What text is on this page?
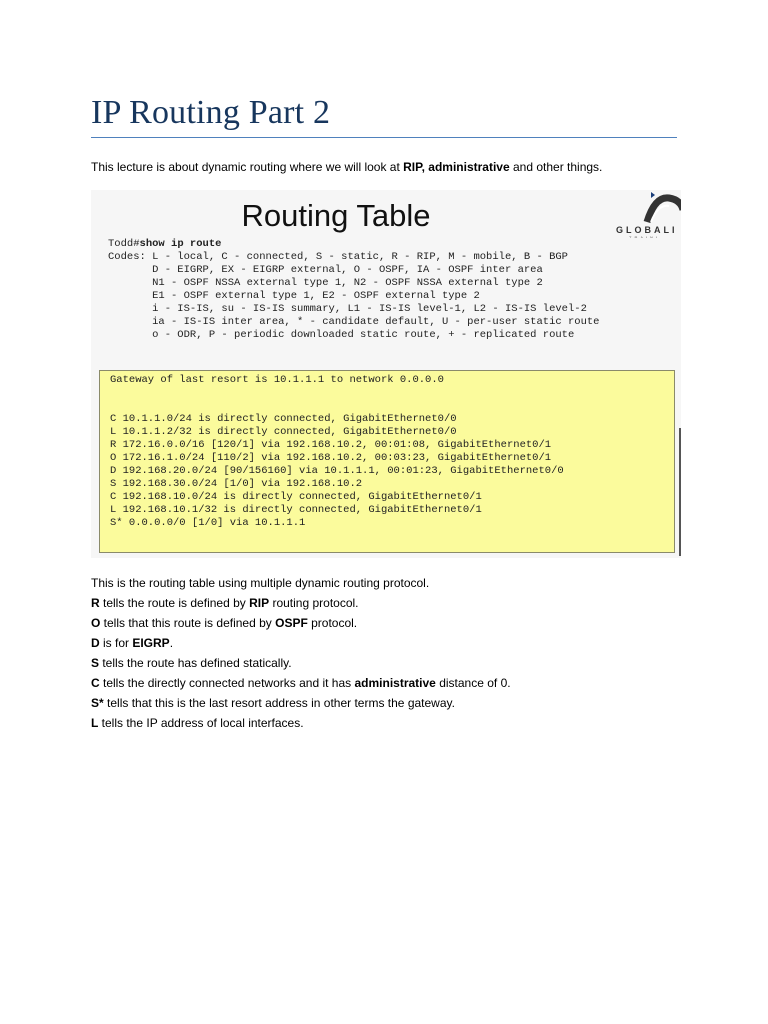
IP Routing Part 2
This lecture is about dynamic routing where we will look at RIP, administrative and other things.
Routing Table	GLOBALI
TRAINI
Todd#show ip route
Codes: L - local, C - connected, S - static, R - RIP, M - mobile, B - BGP
D - EIGRP, EX - EIGRP external, O - OSPF, IA - OSPF inter area
N1 - OSPF NSSA external type 1, N2 - OSPF NSSA external type 2
E1 - OSPF external type 1, E2 - OSPF external type 2
i - IS-IS, su - IS-IS summary, L1 - IS-IS level-1, L2 - IS-IS level-2
ia - IS-IS inter area, * - candidate default, U - per-user static route
o - ODR, P - periodic downloaded static route, + - replicated route
Gateway of last resort is 10.1.1.1 to network 0.0.0.0
C 10.1.1.0/24 is directly connected, GigabitEthernet0/0
L 10.1.1.2/32 is directly connected, GigabitEthernet0/0
R 172.16.0.0/16 [120/1] via 192.168.10.2, 00:01:08, GigabitEthernet0/1
O 172.16.1.0/24 [110/2] via 192.168.10.2, 00:03:23, GigabitEthernet0/1
D 192.168.20.0/24 [90/156160] via 10.1.1.1, 00:01:23, GigabitEthernet0/0
S 192.168.30.0/24 [1/0] via 192.168.10.2
C 192.168.10.0/24 is directly connected, GigabitEthernet0/1
L 192.168.10.1/32 is directly connected, GigabitEthernet0/1
S* 0.0.0.0/0 [1/0] via 10.1.1.1
This is the routing table using multiple dynamic routing protocol.
R tells the route is defined by RIP routing protocol.
O tells that this route is defined by OSPF protocol.
D is for EIGRP.
S tells the route has defined statically.
C tells the directly connected networks and it has administrative distance of 0.
S* tells that this is the last resort address in other terms the gateway.
L tells the IP address of local interfaces.
